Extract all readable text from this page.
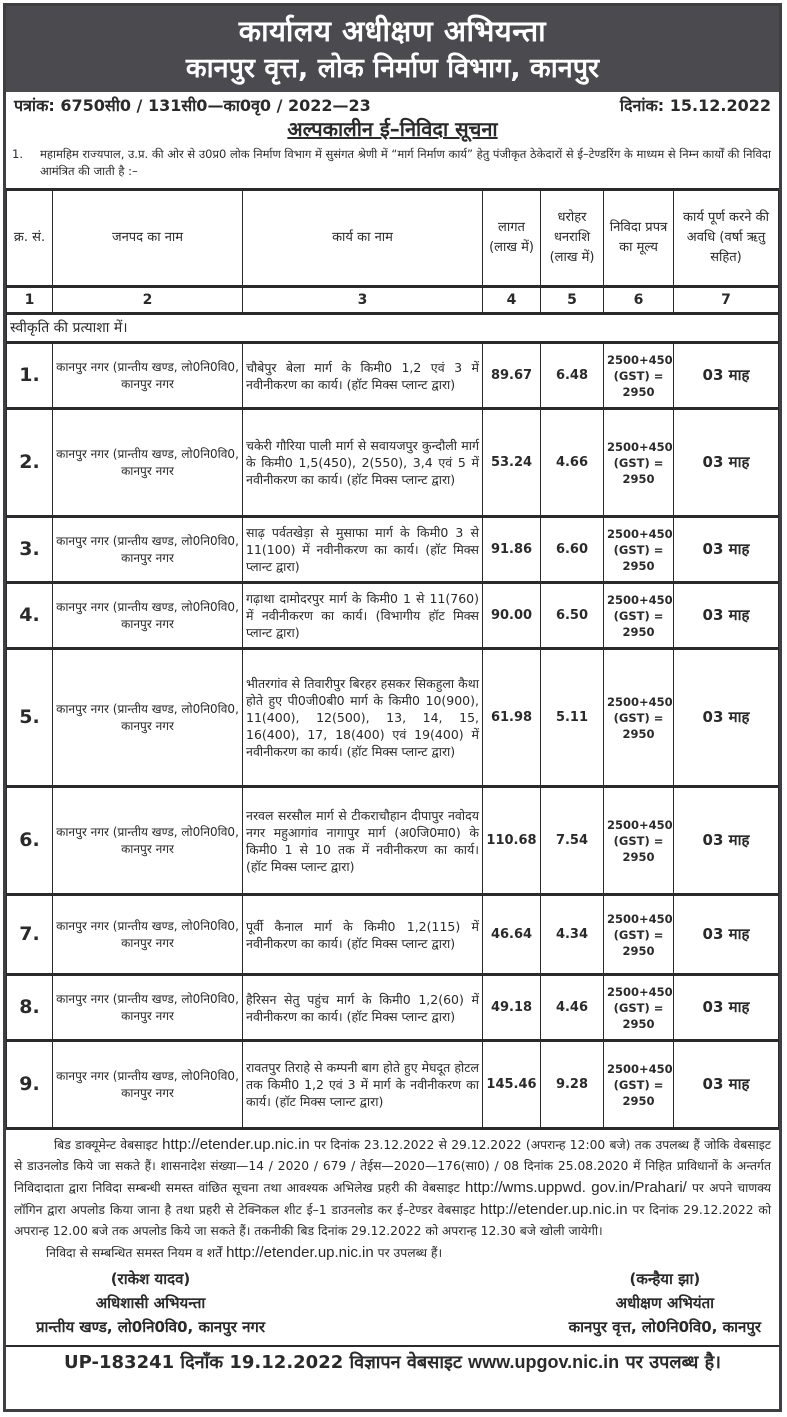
कार्यालय अधीक्षण अभियन्ता
कानपुर वृत्त, लोक निर्माण विभाग, कानपुर
पत्रांक: 6750सी0 / 131सी0—का0वृ0 / 2022—23	दिनांक: 15.12.2022
अल्पकालीन ई–निविदा सूचना
1.	महामहिम राज्यपाल, उ.प्र. की ओर से उ0प्र0 लोक निर्माण विभाग में सुसंगत श्रेणी में “मार्ग निर्माण कार्य” हेतु पंजीकृत ठेकेदारों से ई–टेण्डरिंग के माध्यम से निम्न कार्यों की निविदा आमंत्रित की जाती है :–
क्र. सं.	जनपद का नाम	कार्य का नाम	लागत (लाख में)	धरोहर धनराशि (लाख में)	निविदा प्रपत्र का मूल्य	कार्य पूर्ण करने की अवधि (वर्षा ऋतु सहित)
1	2	3	4	5	6	7
स्वीकृति की प्रत्याशा में।						
1.	कानपुर नगर (प्रान्तीय खण्ड, लो0नि0वि0, कानपुर नगर	चौबेपुर बेला मार्ग के किमी0 1,2 एवं 3 में नवीनीकरण का कार्य। (हॉट मिक्स प्लान्ट द्वारा)	89.67	6.48	2500+450 (GST) = 2950	03 माह
2.	कानपुर नगर (प्रान्तीय खण्ड, लो0नि0वि0, कानपुर नगर	चकेरी गौरिया पाली मार्ग से सवायजपुर कुन्दौली मार्ग के किमी0 1,5(450), 2(550), 3,4 एवं 5 में नवीनीकरण का कार्य। (हॉट मिक्स प्लान्ट द्वारा)	53.24	4.66	2500+450 (GST) = 2950	03 माह
3.	कानपुर नगर (प्रान्तीय खण्ड, लो0नि0वि0, कानपुर नगर	साढ़ पर्वतखेड़ा से मुसाफा मार्ग के किमी0 3 से 11(100) में नवीनीकरण का कार्य। (हॉट मिक्स प्लान्ट द्वारा)	91.86	6.60	2500+450 (GST) = 2950	03 माह
4.	कानपुर नगर (प्रान्तीय खण्ड, लो0नि0वि0, कानपुर नगर	गढ़ाथा दामोदरपुर मार्ग के किमी0 1 से 11(760) में नवीनीकरण का कार्य। (विभागीय हॉट मिक्स प्लान्ट द्वारा)	90.00	6.50	2500+450 (GST) = 2950	03 माह
5.	कानपुर नगर (प्रान्तीय खण्ड, लो0नि0वि0, कानपुर नगर	भीतरगांव से तिवारीपुर बिरहर हसकर सिकहुला कैथा होते हुए पी0जी0बी0 मार्ग के किमी0 10(900), 11(400), 12(500), 13, 14, 15, 16(400), 17, 18(400) एवं 19(400) में नवीनीकरण का कार्य। (हॉट मिक्स प्लान्ट द्वारा)	61.98	5.11	2500+450 (GST) = 2950	03 माह
6.	कानपुर नगर (प्रान्तीय खण्ड, लो0नि0वि0, कानपुर नगर	नरवल सरसौल मार्ग से टीकराचौहान दीपापुर नवोदय नगर महुआगांव नागापुर मार्ग (अ0जि0मा0) के किमी0 1 से 10 तक में नवीनीकरण का कार्य। (हॉट मिक्स प्लान्ट द्वारा)	110.68	7.54	2500+450 (GST) = 2950	03 माह
7.	कानपुर नगर (प्रान्तीय खण्ड, लो0नि0वि0, कानपुर नगर	पूर्वी कैनाल मार्ग के किमी0 1,2(115) में नवीनीकरण का कार्य। (हॉट मिक्स प्लान्ट द्वारा)	46.64	4.34	2500+450 (GST) = 2950	03 माह
8.	कानपुर नगर (प्रान्तीय खण्ड, लो0नि0वि0, कानपुर नगर	हैरिसन सेतु पहुंच मार्ग के किमी0 1,2(60) में नवीनीकरण का कार्य। (हॉट मिक्स प्लान्ट द्वारा)	49.18	4.46	2500+450 (GST) = 2950	03 माह
9.	कानपुर नगर (प्रान्तीय खण्ड, लो0नि0वि0, कानपुर नगर	रावतपुर तिराहे से कम्पनी बाग होते हुए मेघदूत होटल तक किमी0 1,2 एवं 3 में मार्ग के नवीनीकरण का कार्य। (हॉट मिक्स प्लान्ट द्वारा)	145.46	9.28	2500+450 (GST) = 2950	03 माह
बिड डाक्यूमेन्ट वेबसाइट http://etender.up.nic.in पर दिनांक 23.12.2022 से 29.12.2022 (अपरान्ह 12:00 बजे) तक उपलब्ध हैं जोकि वेबसाइट से डाउनलोड किये जा सकते हैं। शासनादेश संख्या—14 / 2020 / 679 / तेईस—2020—176(सा0) / 08 दिनांक 25.08.2020 में निहित प्राविधानों के अन्तर्गत निविदादाता द्वारा निविदा सम्बन्धी समस्त वांछित सूचना तथा आवश्यक अभिलेख प्रहरी की वेबसाइट http://wms.uppwd. gov.in/Prahari/ पर अपने चाणक्य लॉगिन द्वारा अपलोड किया जाना है तथा प्रहरी से टेक्निकल शीट ई–1 डाउनलोड कर ई–टेण्डर वेबसाइट http://etender.up.nic.in पर दिनांक 29.12.2022 को अपरान्ह 12.00 बजे तक अपलोड किये जा सकते हैं। तकनीकी बिड दिनांक 29.12.2022 को अपरान्ह 12.30 बजे खोली जायेगी।
निविदा से सम्बन्धित समस्त नियम व शर्तें http://etender.up.nic.in पर उपलब्ध हैं।
(राकेश यादव)
अधिशासी अभियन्ता
प्रान्तीय खण्ड, लो0नि0वि0, कानपुर नगर
(कन्हैया झा)
अधीक्षण अभियंता
कानपुर वृत्त, लो0नि0वि0, कानपुर
UP-183241 दिनाँक 19.12.2022 विज्ञापन वेबसाइट www.upgov.nic.in पर उपलब्ध है।
